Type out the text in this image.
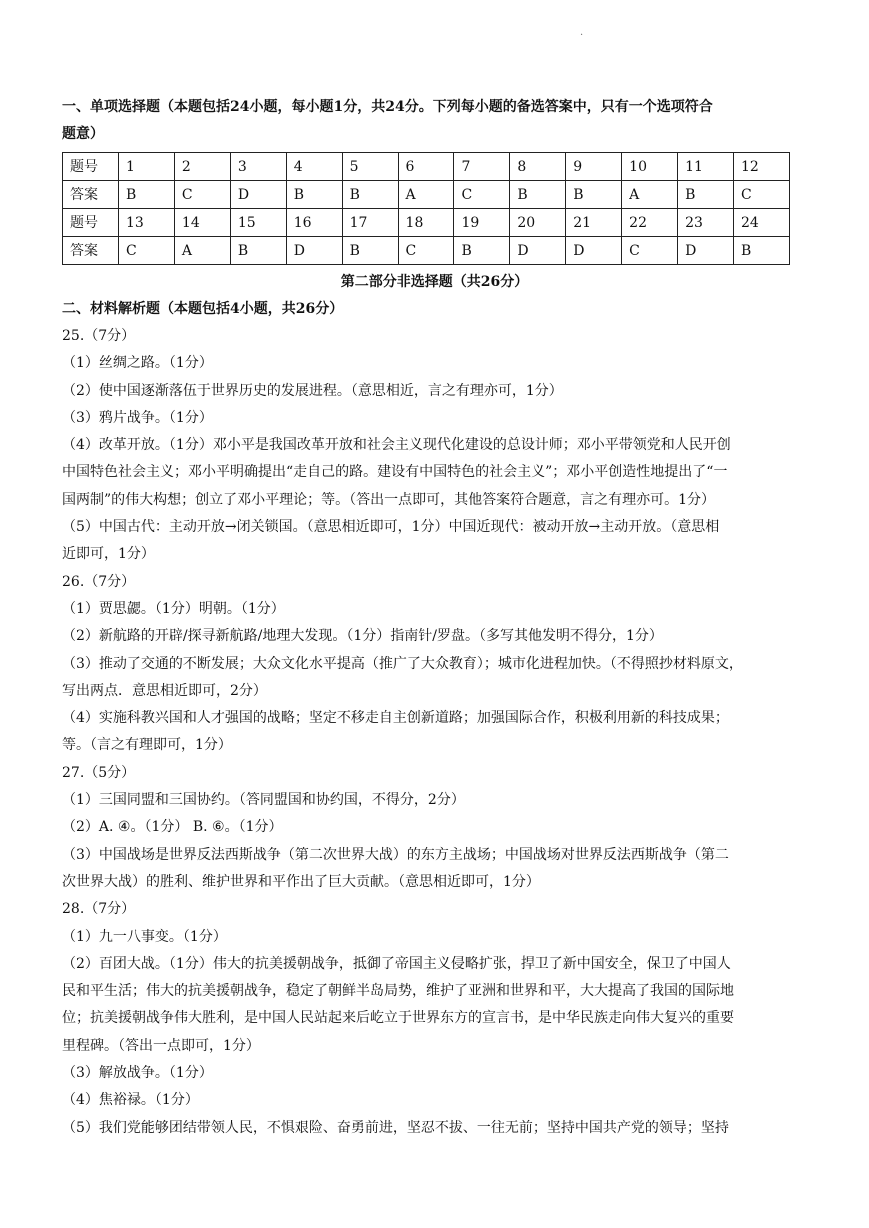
·
一、单项选择题（本题包括24小题，每小题1分，共24分。下列每小题的备选答案中，只有一个选项符合
题意）
题号	1	2	3	4	5	6	7	8	9	10	11	12
答案	B	C	D	B	B	A	C	B	B	A	B	C
题号	13	14	15	16	17	18	19	20	21	22	23	24
答案	C	A	B	D	B	C	B	D	D	C	D	B
第二部分非选择题（共26分）
二、材料解析题（本题包括4小题，共26分）
25.（7分）
（1）丝绸之路。（1分）
（2）使中国逐渐落伍于世界历史的发展进程。（意思相近，言之有理亦可，1分）
（3）鸦片战争。（1分）
（4）改革开放。（1分）邓小平是我国改革开放和社会主义现代化建设的总设计师；邓小平带领党和人民开创
中国特色社会主义；邓小平明确提出“走自己的路。建设有中国特色的社会主义”；邓小平创造性地提出了“一
国两制”的伟大构想；创立了邓小平理论；等。（答出一点即可，其他答案符合题意，言之有理亦可。1分）
（5）中国古代：主动开放→闭关锁国。（意思相近即可，1分）中国近现代：被动开放→主动开放。（意思相
近即可，1分）
26.（7分）
（1）贾思勰。（1分）明朝。（1分）
（2）新航路的开辟/探寻新航路/地理大发现。（1分）指南针/罗盘。（多写其他发明不得分，1分）
（3）推动了交通的不断发展；大众文化水平提高（推广了大众教育）；城市化进程加快。（不得照抄材料原文，
写出两点．意思相近即可，2分）
（4）实施科教兴国和人才强国的战略；坚定不移走自主创新道路；加强国际合作，积极利用新的科技成果；
等。（言之有理即可，1分）
27.（5分）
（1）三国同盟和三国协约。（答同盟国和协约国，不得分，2分）
（2）A. ④。（1分） B. ⑥。（1分）
（3）中国战场是世界反法西斯战争（第二次世界大战）的东方主战场；中国战场对世界反法西斯战争（第二
次世界大战）的胜利、维护世界和平作出了巨大贡献。（意思相近即可，1分）
28.（7分）
（1）九一八事变。（1分）
（2）百团大战。（1分）伟大的抗美援朝战争，抵御了帝国主义侵略扩张，捍卫了新中国安全，保卫了中国人
民和平生活；伟大的抗美援朝战争，稳定了朝鲜半岛局势，维护了亚洲和世界和平，大大提高了我国的国际地
位；抗美援朝战争伟大胜利，是中国人民站起来后屹立于世界东方的宣言书，是中华民族走向伟大复兴的重要
里程碑。（答出一点即可，1分）
（3）解放战争。（1分）
（4）焦裕禄。（1分）
（5）我们党能够团结带领人民，不惧艰险、奋勇前进，坚忍不拔、一往无前；坚持中国共产党的领导；坚持
